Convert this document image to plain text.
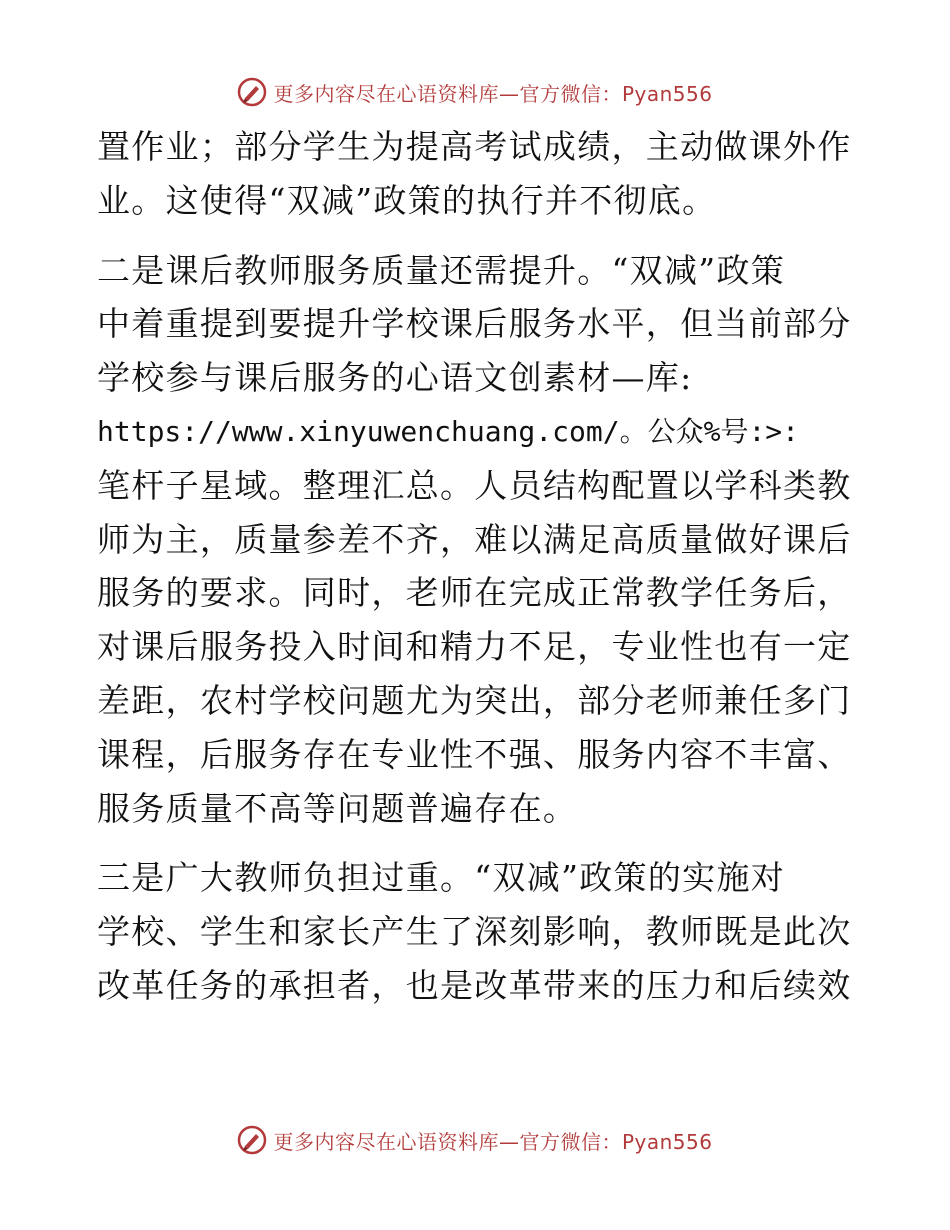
更多内容尽在心语资料库—官方微信：Pyan556
置作业；部分学生为提高考试成绩，主动做课外作
业。这使得“双减”政策的执行并不彻底。
二是课后教师服务质量还需提升。“双减”政策
中着重提到要提升学校课后服务水平，但当前部分
学校参与课后服务的心语文创素材—库:
https://www.xinyuwenchuang.com/。公众%号:>:
笔杆子星域。整理汇总。人员结构配置以学科类教
师为主，质量参差不齐，难以满足高质量做好课后
服务的要求。同时，老师在完成正常教学任务后，
对课后服务投入时间和精力不足，专业性也有一定
差距，农村学校问题尤为突出，部分老师兼任多门
课程，后服务存在专业性不强、服务内容不丰富、
服务质量不高等问题普遍存在。
三是广大教师负担过重。“双减”政策的实施对
学校、学生和家长产生了深刻影响，教师既是此次
改革任务的承担者，也是改革带来的压力和后续效
更多内容尽在心语资料库—官方微信：Pyan556
